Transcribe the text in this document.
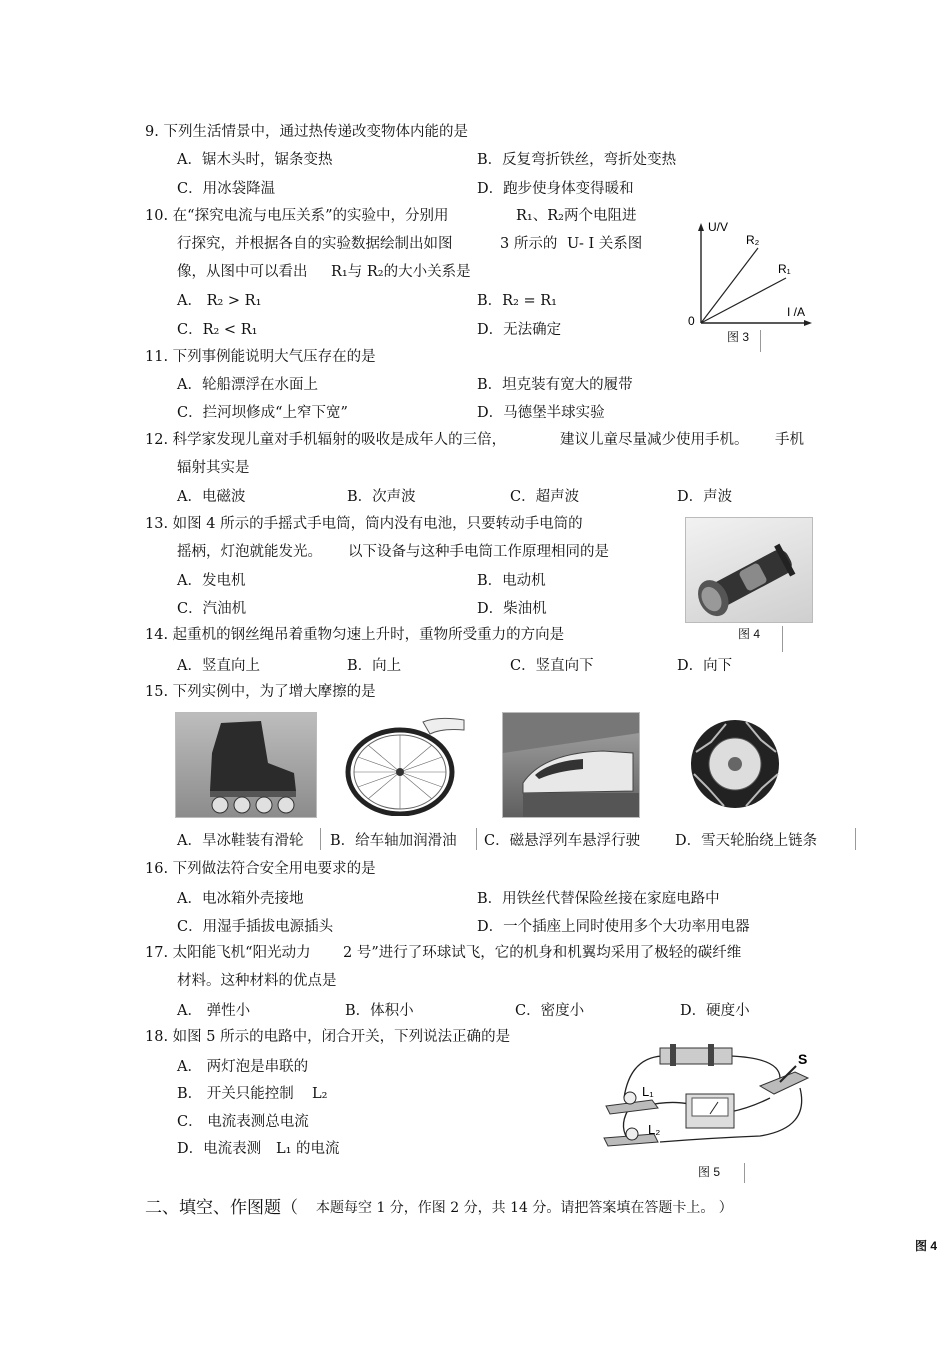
9. 下列生活情景中，通过热传递改变物体内能的是
A．锯木头时，锯条变热	B．反复弯折铁丝，弯折处变热
C．用冰袋降温	D．跑步使身体变得暖和
10. 在“探究电流与电压关系”的实验中，分别用	R₁、R₂两个电阻进
行探究，并根据各自的实验数据绘制出如图	3 所示的 U- I 关系图
像，从图中可以看出 R₁与 R₂的大小关系是
A． R₂ > R₁	B．R₂ = R₁
C．R₂ < R₁	D．无法确定
U/V
I /A
0
R₂
R₁
图 3
11. 下列事例能说明大气压存在的是
A．轮船漂浮在水面上	B．坦克装有宽大的履带
C．拦河坝修成“上窄下宽”	D．马德堡半球实验
12. 科学家发现儿童对手机辐射的吸收是成年人的三倍，	建议儿童尽量减少使用手机。 手机
辐射其实是
A．电磁波	B．次声波	C．超声波	D．声波
13. 如图 4 所示的手摇式手电筒，筒内没有电池，只要转动手电筒的
摇柄，灯泡就能发光。 以下设备与这种手电筒工作原理相同的是
A．发电机	B．电动机
C．汽油机	D．柴油机
图 4
14. 起重机的钢丝绳吊着重物匀速上升时，重物所受重力的方向是
A．竖直向上	B．向上	C．竖直向下	D．向下
15. 下列实例中，为了增大摩擦的是
A．旱冰鞋装有滑轮 B．给车轴加润滑油 C．磁悬浮列车悬浮行驶 D．雪天轮胎绕上链条
16. 下列做法符合安全用电要求的是
A．电冰箱外壳接地	B．用铁丝代替保险丝接在家庭电路中
C．用湿手插拔电源插头	D．一个插座上同时使用多个大功率用电器
17. 太阳能飞机“阳光动力 2 号”进行了环球试飞，它的机身和机翼均采用了极轻的碳纤维
材料。这种材料的优点是
A． 弹性小	B．体积小	C．密度小	D．硬度小
18. 如图 5 所示的电路中，闭合开关，下列说法正确的是
A． 两灯泡是串联的
B． 开关只能控制 L₂
C． 电流表测总电流
D．电流表测 L₁ 的电流
S
L₁
L₂
图 5
二、填空、作图题（ 本题每空 1 分，作图 2 分，共 14 分。请把答案填在答题卡上。 ）
图 4
